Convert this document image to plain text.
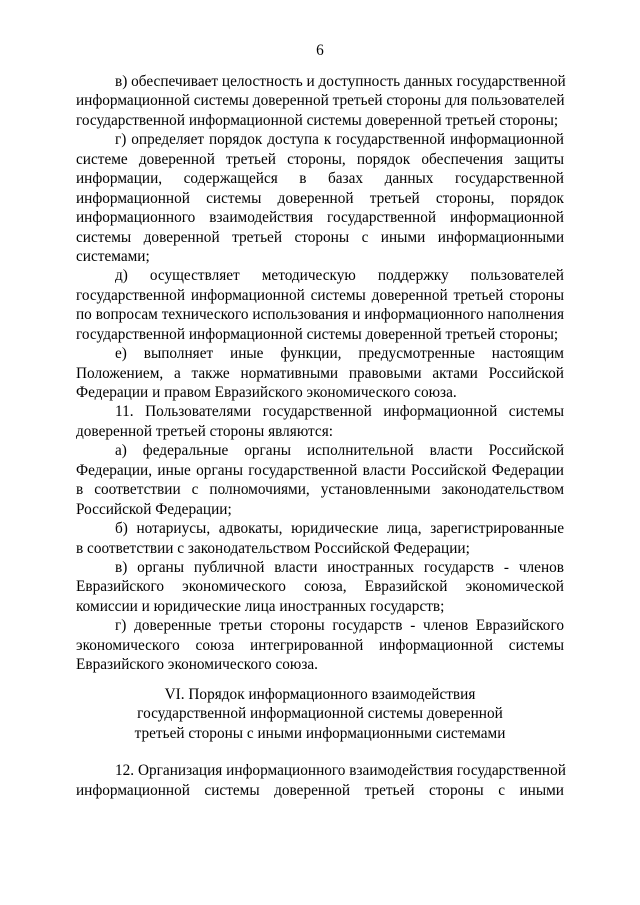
6
в) обеспечивает целостность и доступность данных государственной
информационной системы доверенной третьей стороны для пользователей
государственной информационной системы доверенной третьей стороны;
г) определяет порядок доступа к государственной информационной
системе доверенной третьей стороны, порядок обеспечения защиты
информации, содержащейся в базах данных государственной
информационной системы доверенной третьей стороны, порядок
информационного взаимодействия государственной информационной
системы доверенной третьей стороны с иными информационными
системами;
д) осуществляет методическую поддержку пользователей
государственной информационной системы доверенной третьей стороны
по вопросам технического использования и информационного наполнения
государственной информационной системы доверенной третьей стороны;
е) выполняет иные функции, предусмотренные настоящим
Положением, а также нормативными правовыми актами Российской
Федерации и правом Евразийского экономического союза.
11. Пользователями государственной информационной системы
доверенной третьей стороны являются:
а) федеральные органы исполнительной власти Российской
Федерации, иные органы государственной власти Российской Федерации
в соответствии с полномочиями, установленными законодательством
Российской Федерации;
б) нотариусы, адвокаты, юридические лица, зарегистрированные
в соответствии с законодательством Российской Федерации;
в) органы публичной власти иностранных государств - членов
Евразийского экономического союза, Евразийской экономической
комиссии и юридические лица иностранных государств;
г) доверенные третьи стороны государств - членов Евразийского
экономического союза интегрированной информационной системы
Евразийского экономического союза.
VI. Порядок информационного взаимодействия
государственной информационной системы доверенной
третьей стороны с иными информационными системами
12. Организация информационного взаимодействия государственной
информационной системы доверенной третьей стороны с иными
